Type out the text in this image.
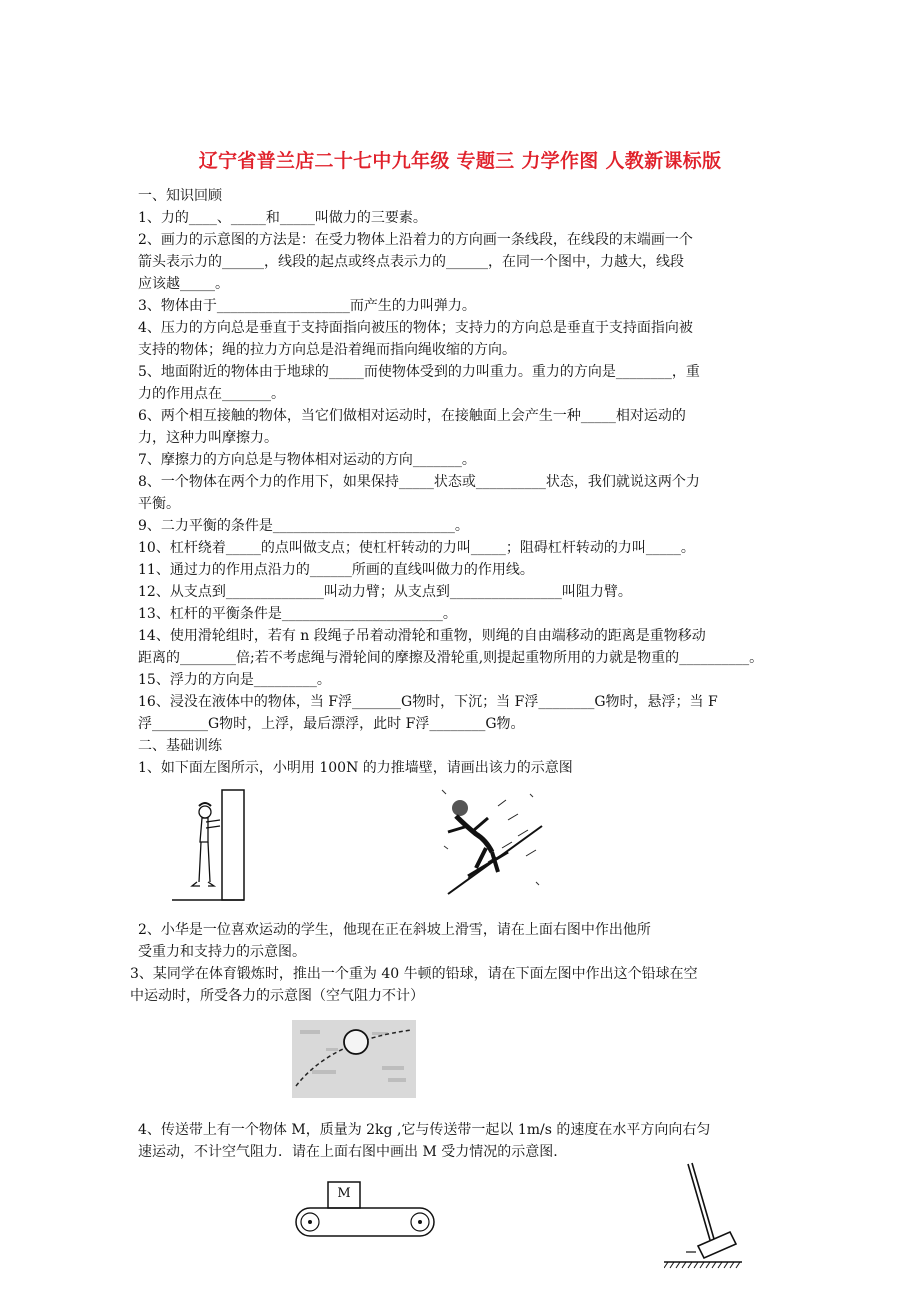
辽宁省普兰店二十七中九年级 专题三 力学作图 人教新课标版
一、知识回顾
1、力的____、_____和_____叫做力的三要素。
2、画力的示意图的方法是：在受力物体上沿着力的方向画一条线段，在线段的末端画一个
箭头表示力的______，线段的起点或终点表示力的______，在同一个图中，力越大，线段
应该越_____。
3、物体由于___________________而产生的力叫弹力。
4、压力的方向总是垂直于支持面指向被压的物体；支持力的方向总是垂直于支持面指向被
支持的物体；绳的拉力方向总是沿着绳而指向绳收缩的方向。
5、地面附近的物体由于地球的_____而使物体受到的力叫重力。重力的方向是________，重
力的作用点在_______。
6、两个相互接触的物体，当它们做相对运动时，在接触面上会产生一种_____相对运动的
力，这种力叫摩擦力。
7、摩擦力的方向总是与物体相对运动的方向_______。
8、一个物体在两个力的作用下，如果保持_____状态或__________状态，我们就说这两个力
平衡。
9、二力平衡的条件是__________________________。
10、杠杆绕着_____的点叫做支点；使杠杆转动的力叫_____；阻碍杠杆转动的力叫_____。
11、通过力的作用点沿力的______所画的直线叫做力的作用线。
12、从支点到______________叫动力臂；从支点到________________叫阻力臂。
13、杠杆的平衡条件是_______________________。
14、使用滑轮组时，若有 n 段绳子吊着动滑轮和重物，则绳的自由端移动的距离是重物移动
距离的________倍;若不考虑绳与滑轮间的摩擦及滑轮重,则提起重物所用的力就是物重的__________。
15、浮力的方向是_________。
16、浸没在液体中的物体，当 F浮_______G物时，下沉；当 F浮________G物时，悬浮；当 F
浮________G物时，上浮，最后漂浮，此时 F浮________G物。
二、基础训练
1、如下面左图所示，小明用 100N 的力推墙壁，请画出该力的示意图
2、小华是一位喜欢运动的学生，他现在正在斜坡上滑雪，请在上面右图中作出他所
受重力和支持力的示意图。
3、某同学在体育锻炼时，推出一个重为 40 牛顿的铅球，请在下面左图中作出这个铅球在空
中运动时，所受各力的示意图（空气阻力不计）
4、传送带上有一个物体 M，质量为 2kg ,它与传送带一起以 1m/s 的速度在水平方向向右匀
速运动，不计空气阻力．请在上面右图中画出 M 受力情况的示意图.
M
